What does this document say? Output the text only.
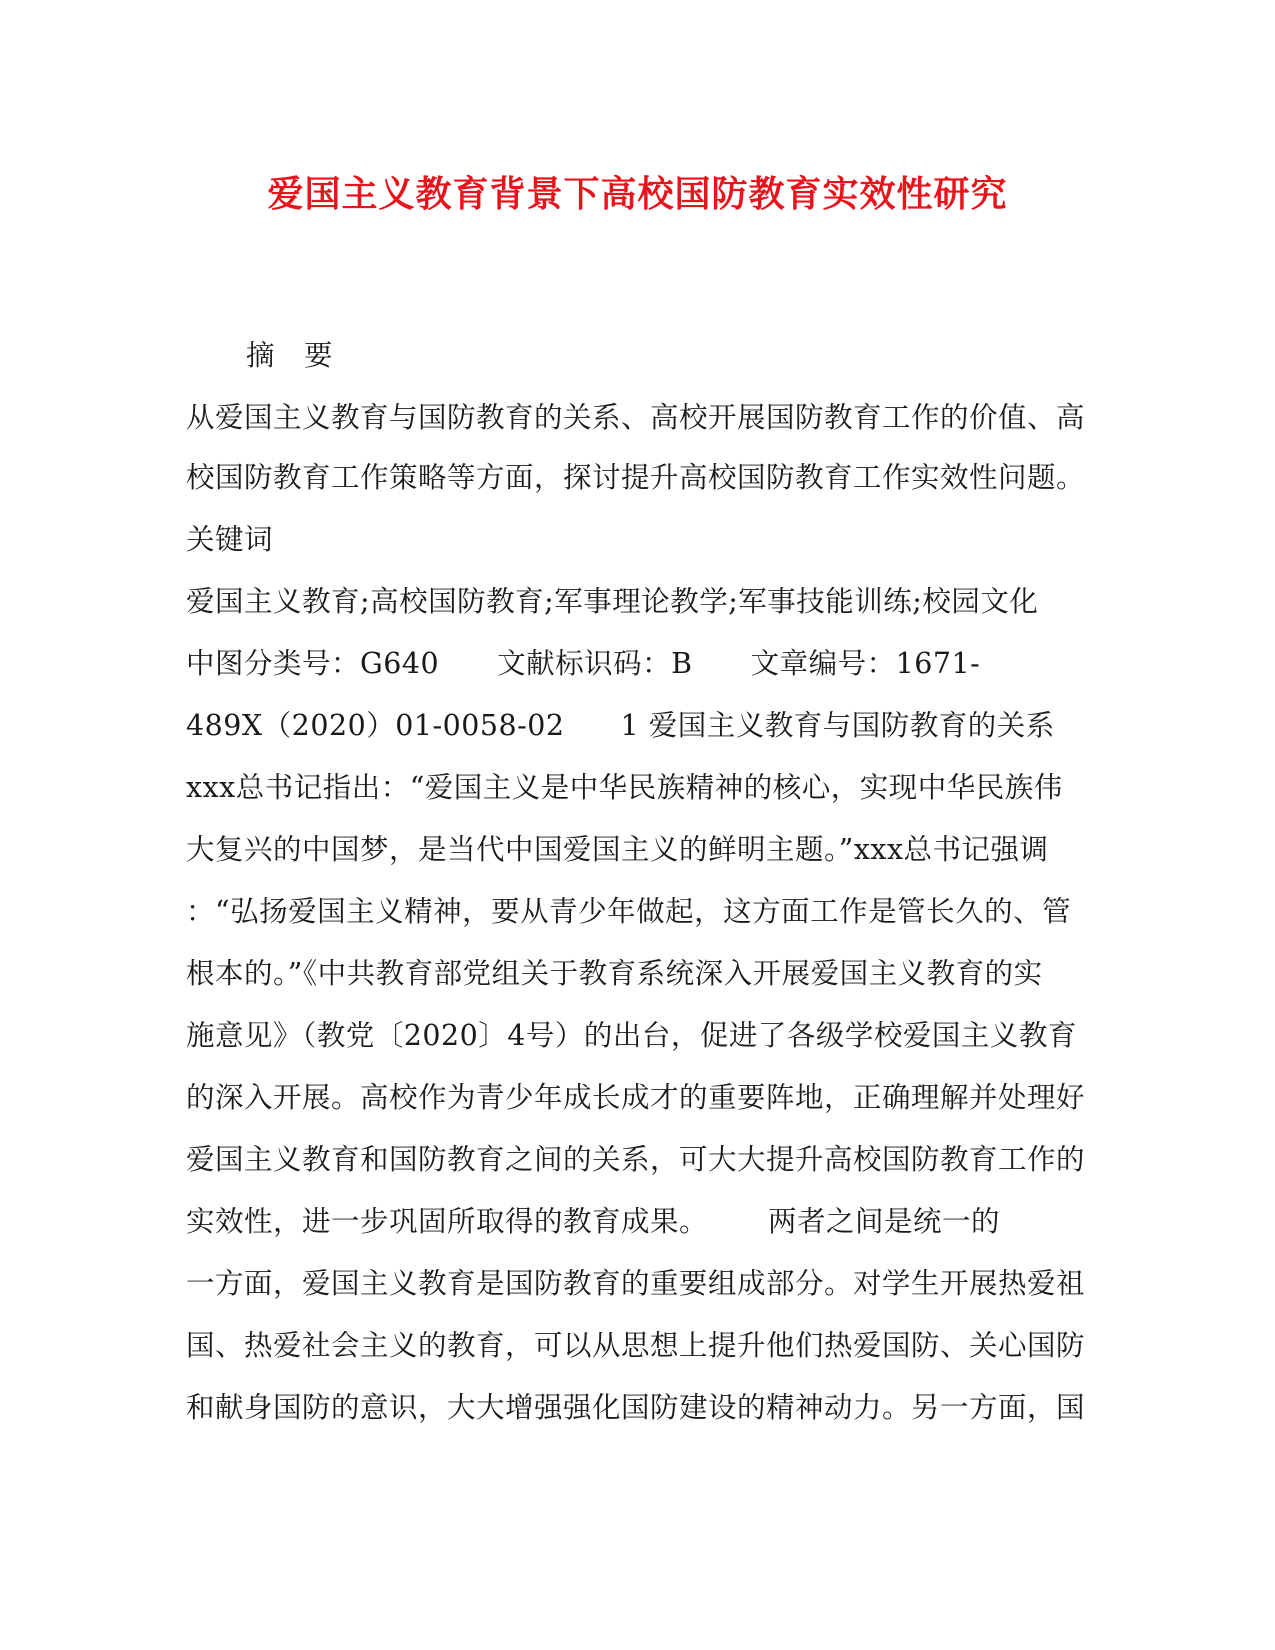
爱国主义教育背景下高校国防教育实效性研究
摘　要
从爱国主义教育与国防教育的关系、高校开展国防教育工作的价值、高
校国防教育工作策略等方面，探讨提升高校国防教育工作实效性问题。
关键词
爱国主义教育;高校国防教育;军事理论教学;军事技能训练;校园文化
中图分类号：G640 文献标识码：B 文章编号：1671-
489X（2020）01-0058-02 1 爱国主义教育与国防教育的关系
xxx总书记指出：“爱国主义是中华民族精神的核心，实现中华民族伟
大复兴的中国梦，是当代中国爱国主义的鲜明主题。”xxx总书记强调
：“弘扬爱国主义精神，要从青少年做起，这方面工作是管长久的、管
根本的。”《中共教育部党组关于教育系统深入开展爱国主义教育的实
施意见》（教党〔2020〕4号）的出台，促进了各级学校爱国主义教育
的深入开展。高校作为青少年成长成才的重要阵地，正确理解并处理好
爱国主义教育和国防教育之间的关系，可大大提升高校国防教育工作的
实效性，进一步巩固所取得的教育成果。 两者之间是统一的
一方面，爱国主义教育是国防教育的重要组成部分。对学生开展热爱祖
国、热爱社会主义的教育，可以从思想上提升他们热爱国防、关心国防
和献身国防的意识，大大增强强化国防建设的精神动力。另一方面，国
